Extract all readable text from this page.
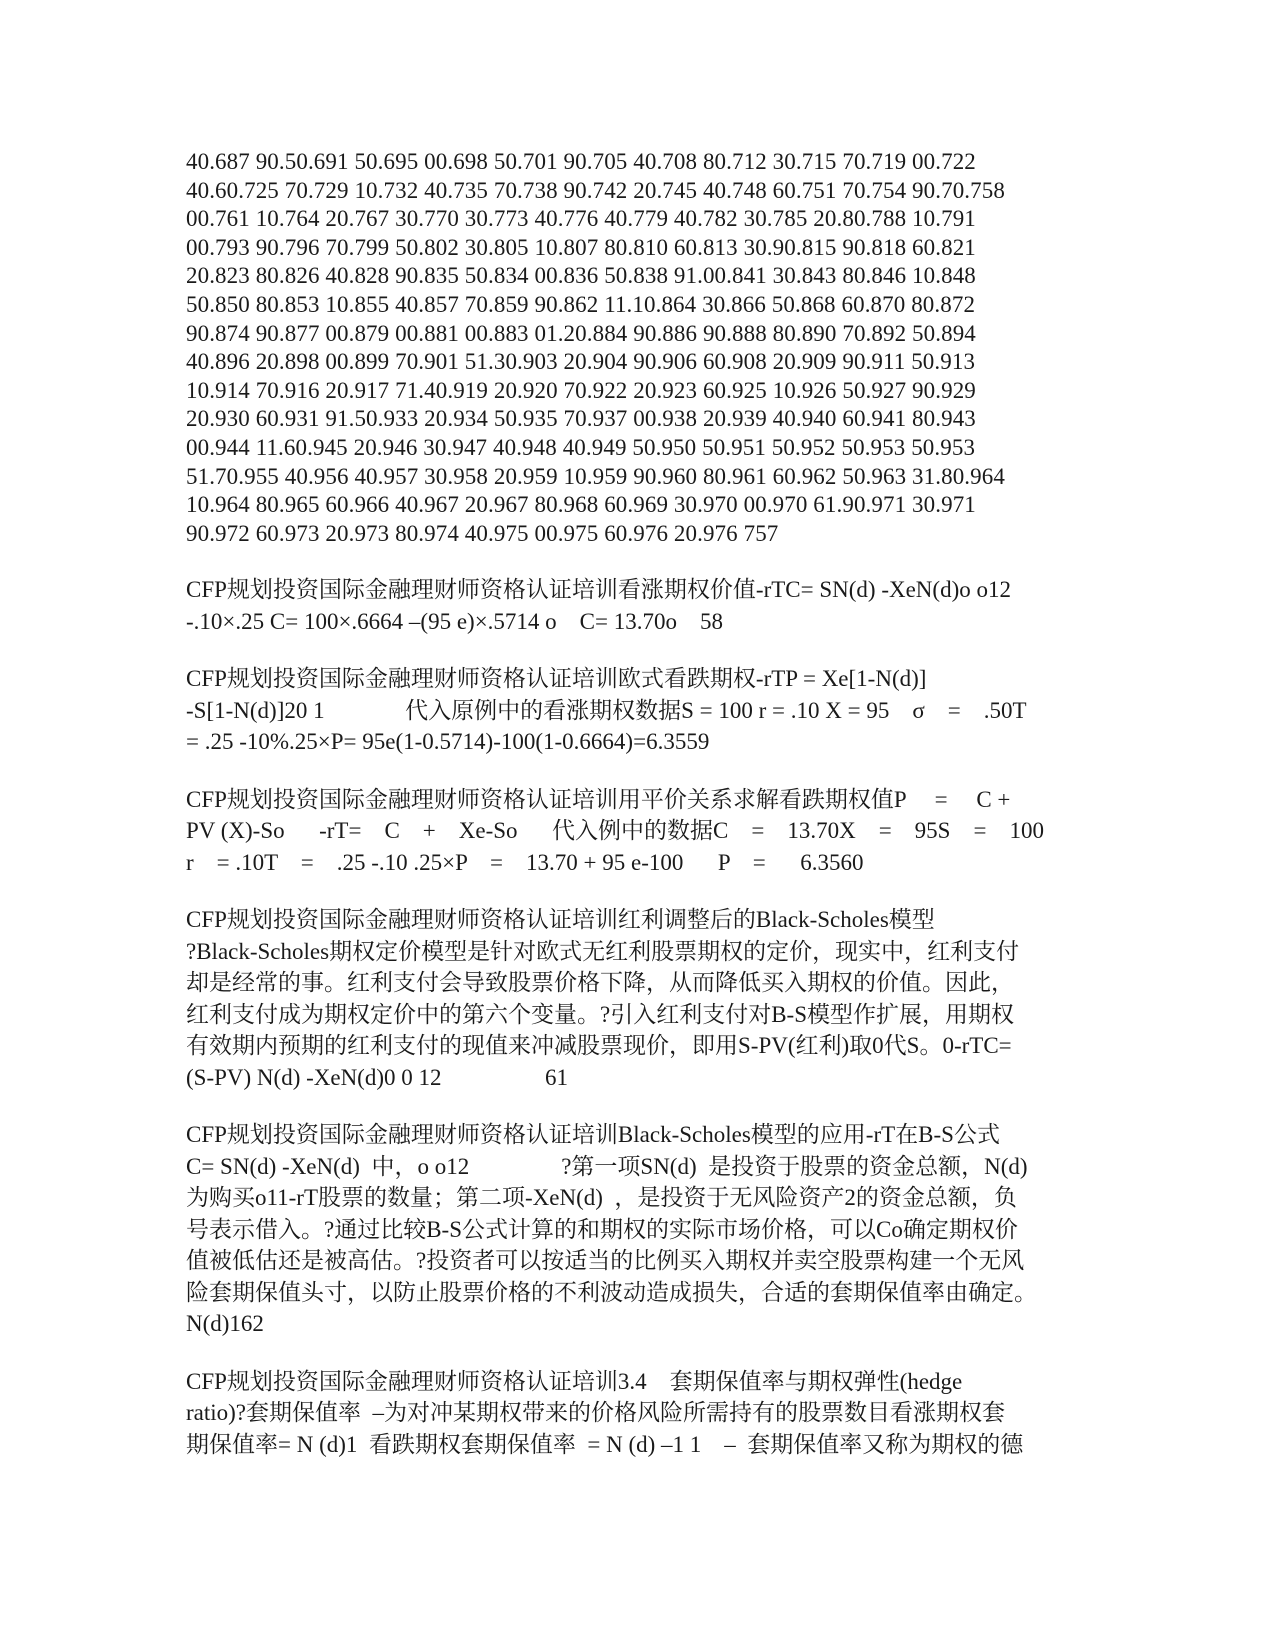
40.687 90.50.691 50.695 00.698 50.701 90.705 40.708 80.712 30.715 70.719 00.722
40.60.725 70.729 10.732 40.735 70.738 90.742 20.745 40.748 60.751 70.754 90.70.758
00.761 10.764 20.767 30.770 30.773 40.776 40.779 40.782 30.785 20.80.788 10.791
00.793 90.796 70.799 50.802 30.805 10.807 80.810 60.813 30.90.815 90.818 60.821
20.823 80.826 40.828 90.835 50.834 00.836 50.838 91.00.841 30.843 80.846 10.848
50.850 80.853 10.855 40.857 70.859 90.862 11.10.864 30.866 50.868 60.870 80.872
90.874 90.877 00.879 00.881 00.883 01.20.884 90.886 90.888 80.890 70.892 50.894
40.896 20.898 00.899 70.901 51.30.903 20.904 90.906 60.908 20.909 90.911 50.913
10.914 70.916 20.917 71.40.919 20.920 70.922 20.923 60.925 10.926 50.927 90.929
20.930 60.931 91.50.933 20.934 50.935 70.937 00.938 20.939 40.940 60.941 80.943
00.944 11.60.945 20.946 30.947 40.948 40.949 50.950 50.951 50.952 50.953 50.953
51.70.955 40.956 40.957 30.958 20.959 10.959 90.960 80.961 60.962 50.963 31.80.964
10.964 80.965 60.966 40.967 20.967 80.968 60.969 30.970 00.970 61.90.971 30.971
90.972 60.973 20.973 80.974 40.975 00.975 60.976 20.976 757
CFP规划投资国际金融理财师资格认证培训看涨期权价值-rTC= SN(d) -XeN(d)o o12
-.10×.25 C= 100×.6664 –(95 e)×.5714 o    C= 13.70o    58
CFP规划投资国际金融理财师资格认证培训欧式看跌期权-rTP = Xe[1-N(d)]
-S[1-N(d)]20 1              代入原例中的看涨期权数据S = 100 r = .10 X = 95    σ    =    .50T
= .25 -10%.25×P= 95e(1-0.5714)-100(1-0.6664)=6.3559
CFP规划投资国际金融理财师资格认证培训用平价关系求解看跌期权值P     =     C +
PV (X)-So      -rT=    C    +    Xe-So      代入例中的数据C    =    13.70X    =    95S    =    100
r    = .10T    =    .25 -.10 .25×P    =    13.70 + 95 e-100      P    =      6.3560
CFP规划投资国际金融理财师资格认证培训红利调整后的Black-Scholes模型
?Black-Scholes期权定价模型是针对欧式无红利股票期权的定价，现实中，红利支付
却是经常的事。红利支付会导致股票价格下降，从而降低买入期权的价值。因此，
红利支付成为期权定价中的第六个变量。?引入红利支付对B-S模型作扩展，用期权
有效期内预期的红利支付的现值来冲减股票现价，即用S-PV(红利)取0代S。0-rTC=
(S-PV) N(d) -XeN(d)0 0 12                  61
CFP规划投资国际金融理财师资格认证培训Black-Scholes模型的应用-rT在B-S公式
C= SN(d) -XeN(d)  中，o o12                ?第一项SN(d)  是投资于股票的资金总额，N(d)
为购买o11-rT股票的数量；第二项-XeN(d)  ，是投资于无风险资产2的资金总额，负
号表示借入。?通过比较B-S公式计算的和期权的实际市场价格，可以Co确定期权价
值被低估还是被高估。?投资者可以按适当的比例买入期权并卖空股票构建一个无风
险套期保值头寸，以防止股票价格的不利波动造成损失，合适的套期保值率由确定。
N(d)162
CFP规划投资国际金融理财师资格认证培训3.4    套期保值率与期权弹性(hedge
ratio)?套期保值率  –为对冲某期权带来的价格风险所需持有的股票数目看涨期权套
期保值率= N (d)1  看跌期权套期保值率  = N (d) –1 1    –  套期保值率又称为期权的德
